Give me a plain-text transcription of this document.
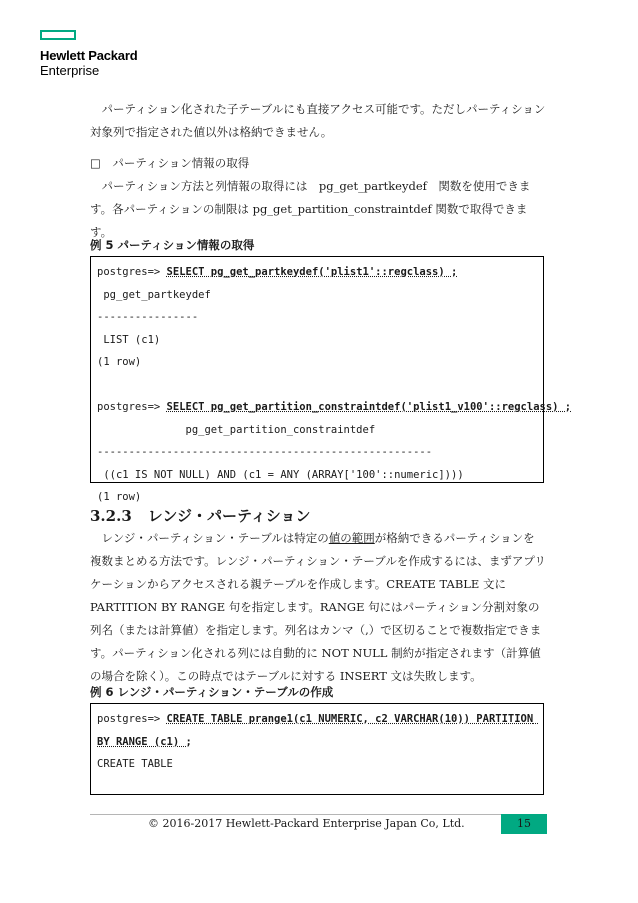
Hewlett Packard
Enterprise

　パーティション化された子テーブルにも直接アクセス可能です。ただしパーティション対象列で指定された値以外は格納できません。

□　パーティション情報の取得

　パーティション方法と列情報の取得には　pg_get_partkeydef　関数を使用できます。各パーティションの制限は pg_get_partition_constraintdef 関数で取得できます。

例 5 パーティション情報の取得
postgres=> SELECT pg_get_partkeydef('plist1'::regclass) ;
pg_get_partkeydef
----------------
LIST (c1)
(1 row)
postgres=> SELECT pg_get_partition_constraintdef('plist1_v100'::regclass) ;
pg_get_partition_constraintdef
-----------------------------------------------------
((c1 IS NOT NULL) AND (c1 = ANY (ARRAY['100'::numeric])))
(1 row)
3.2.3 レンジ・パーティション

　レンジ・パーティション・テーブルは特定の値の範囲が格納できるパーティションを複数まとめる方法です。レンジ・パーティション・テーブルを作成するには、まずアプリケーションからアクセスされる親テーブルを作成します。CREATE TABLE 文に PARTITION BY RANGE 句を指定します。RANGE 句にはパーティション分割対象の列名（または計算値）を指定します。列名はカンマ（,）で区切ることで複数指定できます。パーティション化される列には自動的に NOT NULL 制約が指定されます（計算値の場合を除く）。この時点ではテーブルに対する INSERT 文は失敗します。

例 6 レンジ・パーティション・テーブルの作成
postgres=> CREATE TABLE prange1(c1 NUMERIC, c2 VARCHAR(10)) PARTITION BY RANGE (c1) ;
CREATE TABLE
© 2016-2017 Hewlett-Packard Enterprise Japan Co, Ltd.	15
